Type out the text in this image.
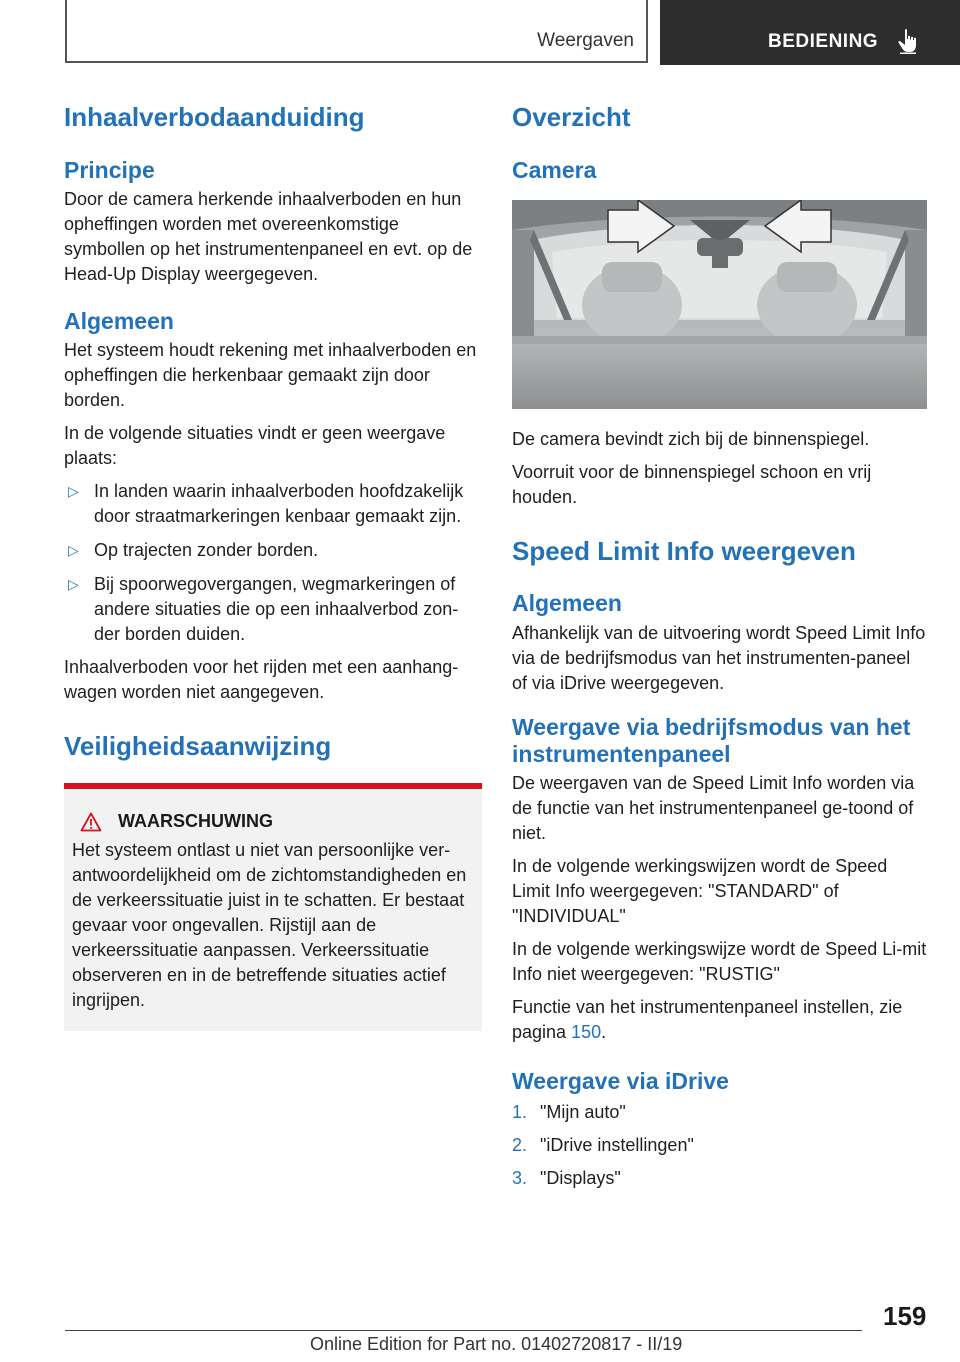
Weergaven	BEDIENING
Inhaalverbodaanduiding
Principe

Door de camera herkende inhaalverboden en hun opheffingen worden met overeenkomstige symbollen op het instrumentenpaneel en evt. op de Head-Up Display weergegeven.

Algemeen

Het systeem houdt rekening met inhaalverboden en opheffingen die herkenbaar gemaakt zijn door borden.

In de volgende situaties vindt er geen weergave plaats:

▷ In landen waarin inhaalverboden hoofdzakelijk door straatmarkeringen kenbaar gemaakt zijn.

▷ Op trajecten zonder borden.

▷ Bij spoorwegovergangen, wegmarkeringen of andere situaties die op een inhaalverbod zon-der borden duiden.

Inhaalverboden voor het rijden met een aanhang-wagen worden niet aangegeven.

Veiligheidsaanwijzing
WAARSCHUWING

Het systeem ontlast u niet van persoonlijke ver-antwoordelijkheid om de zichtomstandigheden en de verkeerssituatie juist in te schatten. Er bestaat gevaar voor ongevallen. Rijstijl aan de verkeerssituatie aanpassen. Verkeerssituatie observeren en in de betreffende situaties actief ingrijpen.

Overzicht
Camera

De camera bevindt zich bij de binnenspiegel.

Voorruit voor de binnenspiegel schoon en vrij houden.

Speed Limit Info weergeven
Algemeen

Afhankelijk van de uitvoering wordt Speed Limit Info via de bedrijfsmodus van het instrumenten-paneel of via iDrive weergegeven.

Weergave via bedrijfsmodus van het instrumentenpaneel

De weergaven van de Speed Limit Info worden via de functie van het instrumentenpaneel ge-toond of niet.

In de volgende werkingswijzen wordt de Speed Limit Info weergegeven: "STANDARD" of "INDIVIDUAL"

In de volgende werkingswijze wordt de Speed Li-mit Info niet weergegeven: "RUSTIG"

Functie van het instrumentenpaneel instellen, zie pagina 150.

Weergave via iDrive

1. "Mijn auto"

2. "iDrive instellingen"

3. "Displays"

159
Online Edition for Part no. 01402720817 - II/19
